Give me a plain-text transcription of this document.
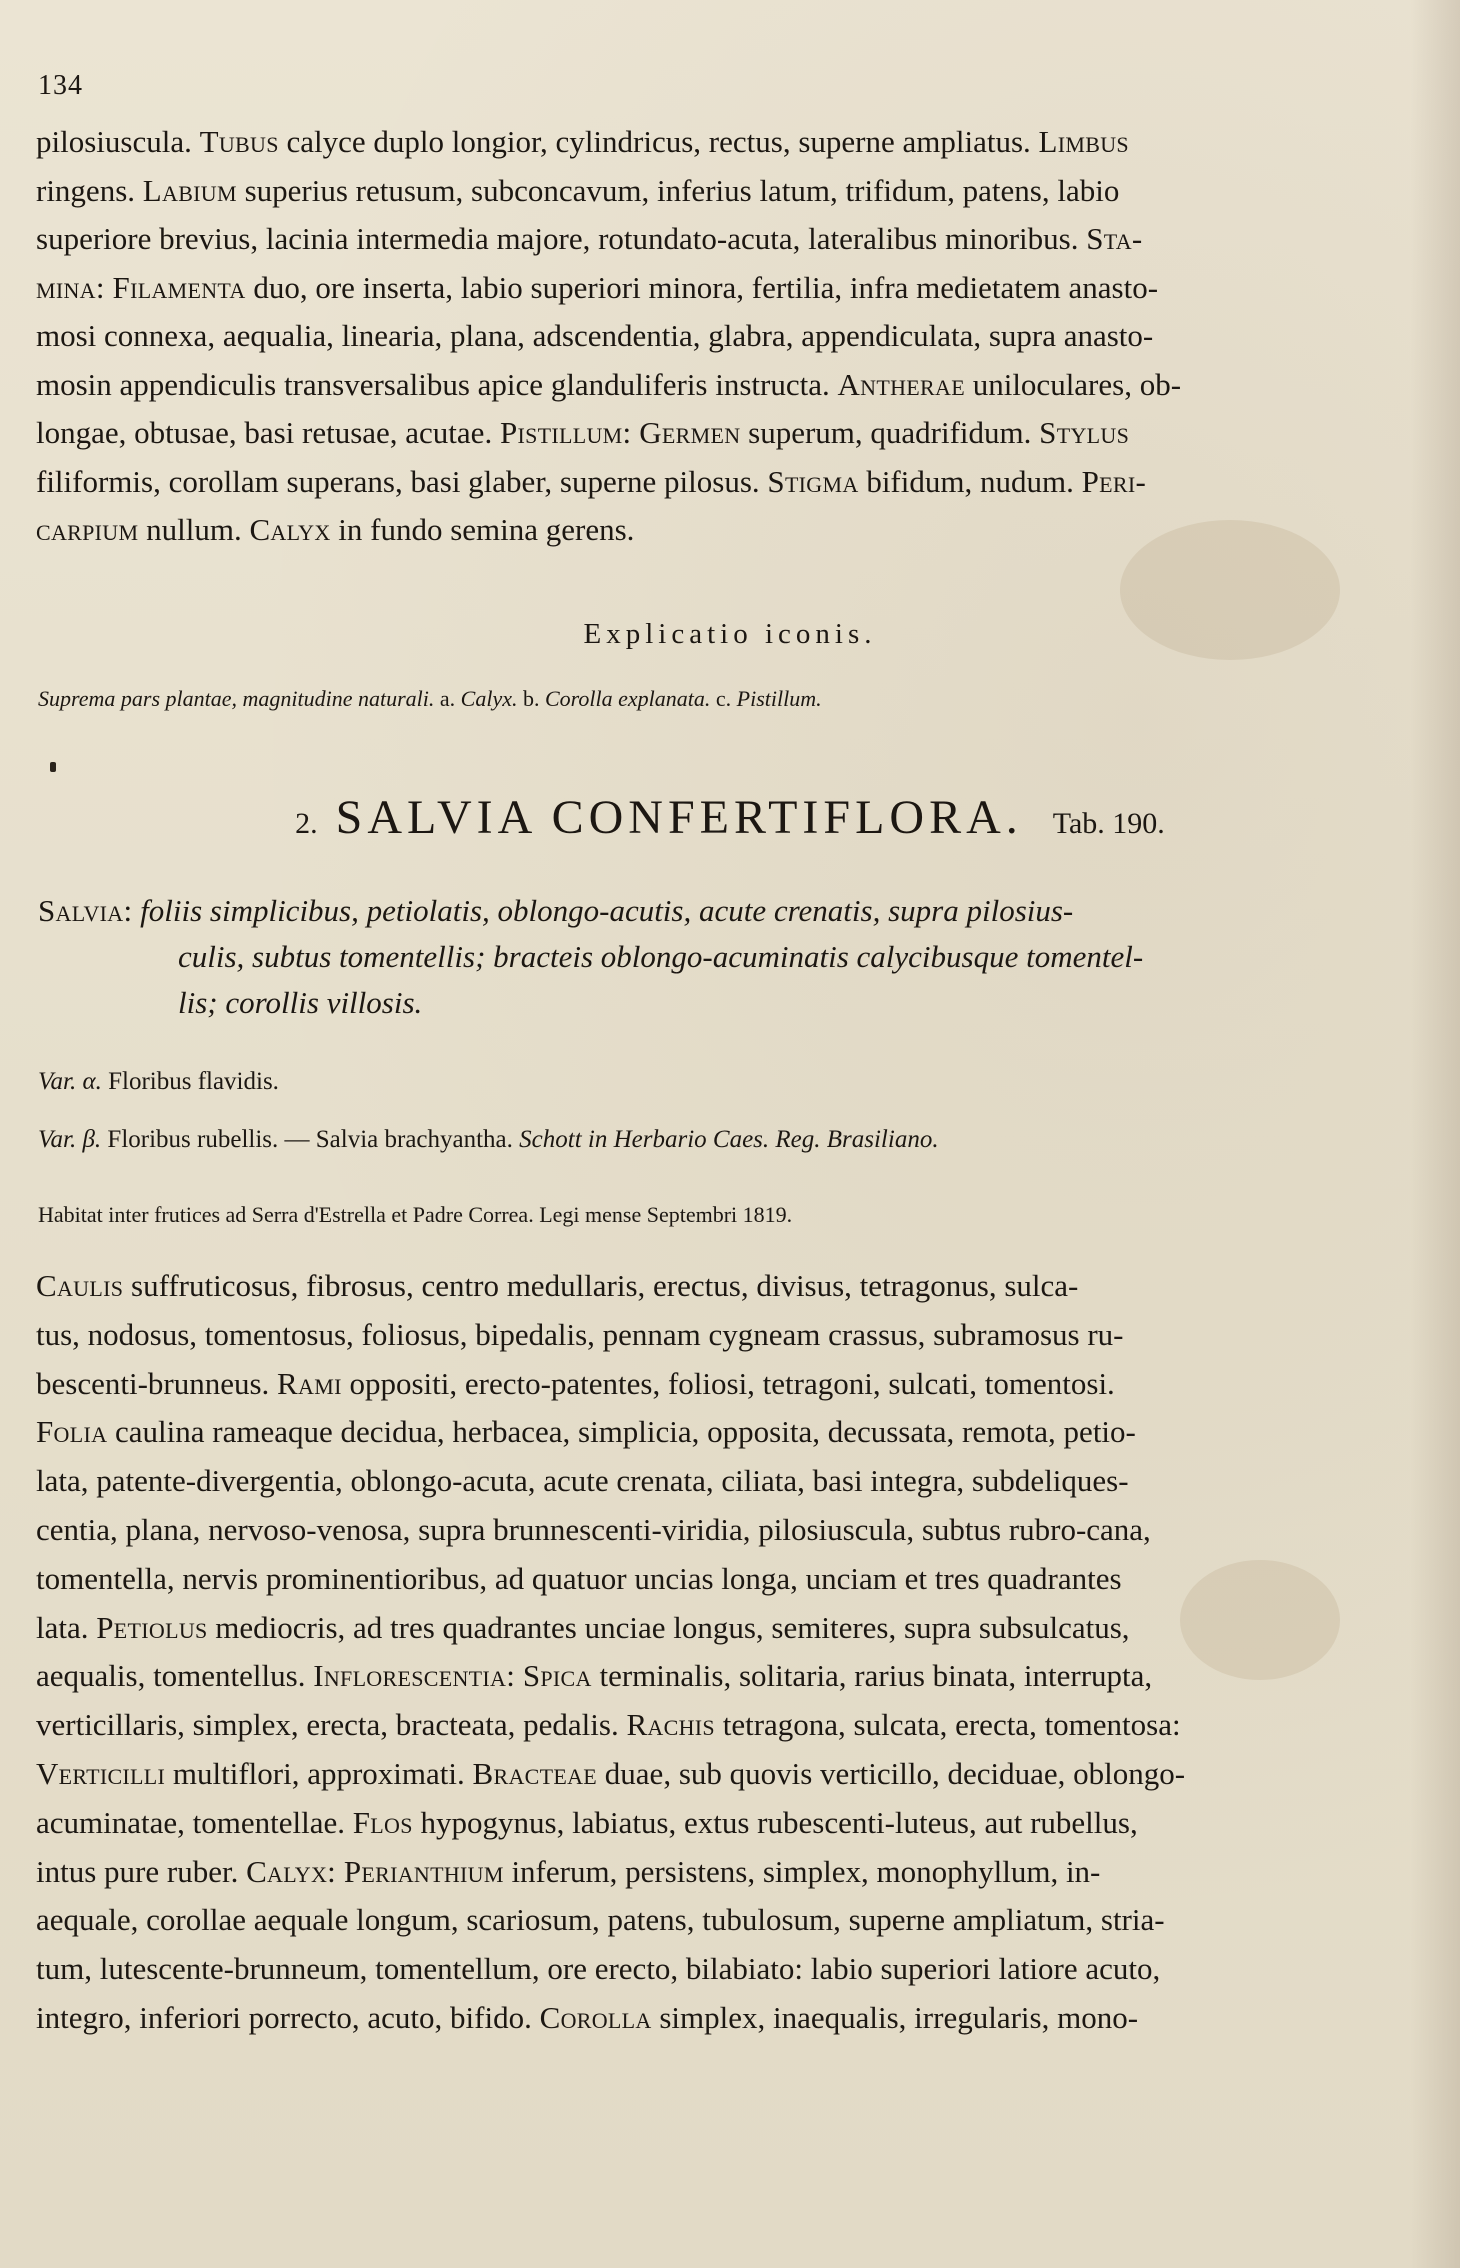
134
pilosiuscula. Tubus calyce duplo longior, cylindricus, rectus, superne ampliatus. Limbus
ringens. Labium superius retusum, subconcavum, inferius latum, trifidum, patens, labio
superiore brevius, lacinia intermedia majore, rotundato-acuta, lateralibus minoribus. Sta-
mina: Filamenta duo, ore inserta, labio superiori minora, fertilia, infra medietatem anasto-
mosi connexa, aequalia, linearia, plana, adscendentia, glabra, appendiculata, supra anasto-
mosin appendiculis transversalibus apice glanduliferis instructa. Antherae uniloculares, ob-
longae, obtusae, basi retusae, acutae. Pistillum: Germen superum, quadrifidum. Stylus
filiformis, corollam superans, basi glaber, superne pilosus. Stigma bifidum, nudum. Peri-
carpium nullum. Calyx in fundo semina gerens.
Explicatio iconis.
Suprema pars plantae, magnitudine naturali. a. Calyx. b. Corolla explanata. c. Pistillum.
2. SALVIA CONFERTIFLORA. Tab. 190.
Salvia: foliis simplicibus, petiolatis, oblongo-acutis, acute crenatis, supra pilosius-
culis, subtus tomentellis; bracteis oblongo-acuminatis calycibusque tomentel-
lis; corollis villosis.
Var. α. Floribus flavidis.
Var. β. Floribus rubellis. — Salvia brachyantha. Schott in Herbario Caes. Reg. Brasiliano.
Habitat inter frutices ad Serra d'Estrella et Padre Correa. Legi mense Septembri 1819.
Caulis suffruticosus, fibrosus, centro medullaris, erectus, divisus, tetragonus, sulca-
tus, nodosus, tomentosus, foliosus, bipedalis, pennam cygneam crassus, subramosus ru-
bescenti-brunneus. Rami oppositi, erecto-patentes, foliosi, tetragoni, sulcati, tomentosi.
Folia caulina rameaque decidua, herbacea, simplicia, opposita, decussata, remota, petio-
lata, patente-divergentia, oblongo-acuta, acute crenata, ciliata, basi integra, subdeliques-
centia, plana, nervoso-venosa, supra brunnescenti-viridia, pilosiuscula, subtus rubro-cana,
tomentella, nervis prominentioribus, ad quatuor uncias longa, unciam et tres quadrantes
lata. Petiolus mediocris, ad tres quadrantes unciae longus, semiteres, supra subsulcatus,
aequalis, tomentellus. Inflorescentia: Spica terminalis, solitaria, rarius binata, interrupta,
verticillaris, simplex, erecta, bracteata, pedalis. Rachis tetragona, sulcata, erecta, tomentosa:
Verticilli multiflori, approximati. Bracteae duae, sub quovis verticillo, deciduae, oblongo-
acuminatae, tomentellae. Flos hypogynus, labiatus, extus rubescenti-luteus, aut rubellus,
intus pure ruber. Calyx: Perianthium inferum, persistens, simplex, monophyllum, in-
aequale, corollae aequale longum, scariosum, patens, tubulosum, superne ampliatum, stria-
tum, lutescente-brunneum, tomentellum, ore erecto, bilabiato: labio superiori latiore acuto,
integro, inferiori porrecto, acuto, bifido. Corolla simplex, inaequalis, irregularis, mono-
